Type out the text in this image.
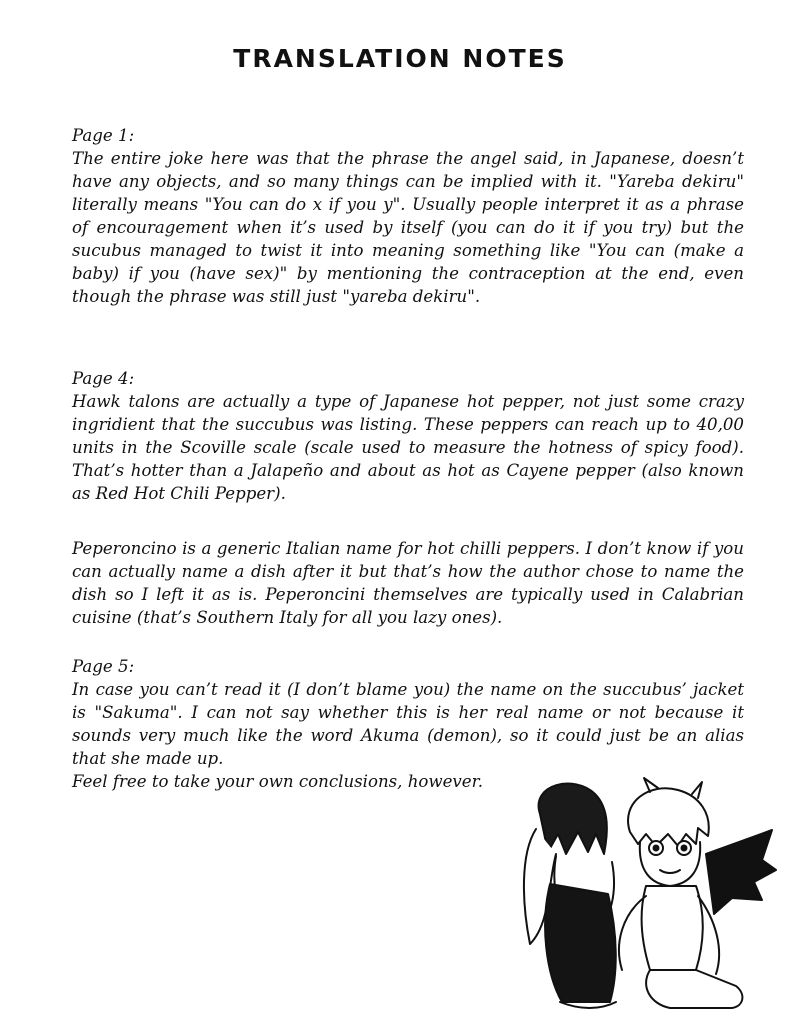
TRANSLATION NOTES
Page 1:

The entire joke here was that the phrase the angel said, in Japanese, doesn’t have any objects, and so many things can be implied with it. "Yareba dekiru" literally means "You can do x if you y". Usually people interpret it as a phrase of encouragement when it’s used by itself (you can do it if you try) but the sucubus managed to twist it into meaning something like "You can (make a baby) if you (have sex)" by mentioning the contraception at the end, even though the phrase was still just "yareba dekiru".

Page 4:

Hawk talons are actually a type of Japanese hot pepper, not just some crazy ingridient that the succubus was listing. These peppers can reach up to 40,00 units in the Scoville scale (scale used to measure the hotness of spicy food). That’s hotter than a Jalapeño and about as hot as Cayene pepper (also known as Red Hot Chili Pepper).

Peperoncino is a generic Italian name for hot chilli peppers. I don’t know if you can actually name a dish after it but that’s how the author chose to name the dish so I left it as is. Peperoncini themselves are typically used in Calabrian cuisine (that’s Southern Italy for all you lazy ones).

Page 5:

In case you can’t read it (I don’t blame you) the name on the succubus’ jacket is "Sakuma". I can not say whether this is her real name or not because it sounds very much like the word Akuma (demon), so it could just be an alias that she made up.

Feel free to take your own conclusions, however.
